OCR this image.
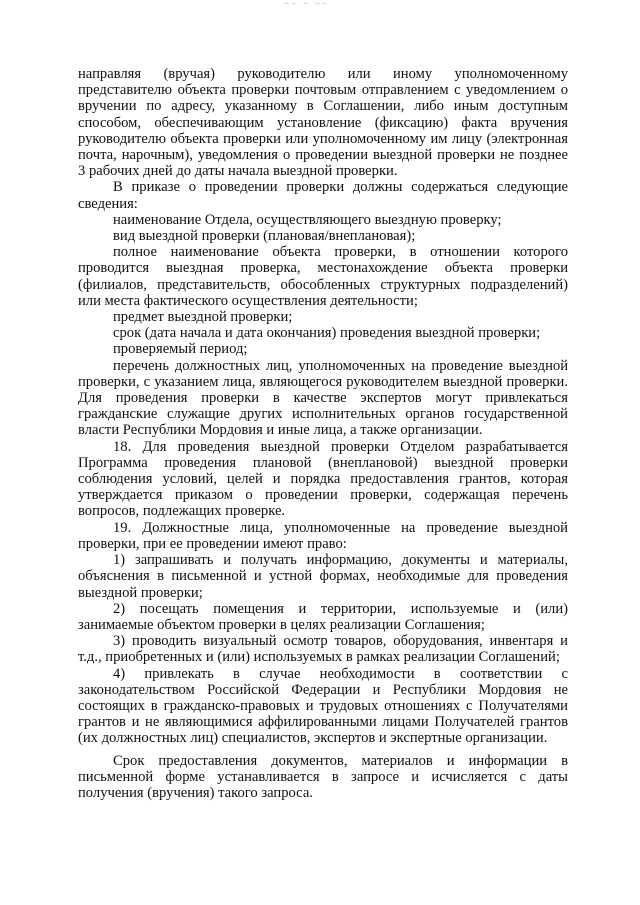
–– – ––

направляя (вручая) руководителю или иному уполномоченному представителю объекта проверки почтовым отправлением с уведомлением о вручении по адресу, указанному в Соглашении, либо иным доступным способом, обеспечивающим установление (фиксацию) факта вручения руководителю объекта проверки или уполномоченному им лицу (электронная почта, нарочным), уведомления о проведении выездной проверки не позднее 3 рабочих дней до даты начала выездной проверки.

В приказе о проведении проверки должны содержаться следующие сведения:

наименование Отдела, осуществляющего выездную проверку;

вид выездной проверки (плановая/внеплановая);

полное наименование объекта проверки, в отношении которого проводится выездная проверка, местонахождение объекта проверки (филиалов, представительств, обособленных структурных подразделений) или места фактического осуществления деятельности;

предмет выездной проверки;

срок (дата начала и дата окончания) проведения выездной проверки;

проверяемый период;

перечень должностных лиц, уполномоченных на проведение выездной проверки, с указанием лица, являющегося руководителем выездной проверки. Для проведения проверки в качестве экспертов могут привлекаться гражданские служащие других исполнительных органов государственной власти Республики Мордовия и иные лица, а также организации.

18. Для проведения выездной проверки Отделом разрабатывается Программа проведения плановой (внеплановой) выездной проверки соблюдения условий, целей и порядка предоставления грантов, которая утверждается приказом о проведении проверки, содержащая перечень вопросов, подлежащих проверке.

19. Должностные лица, уполномоченные на проведение выездной проверки, при ее проведении имеют право:

1) запрашивать и получать информацию, документы и материалы, объяснения в письменной и устной формах, необходимые для проведения выездной проверки;

2) посещать помещения и территории, используемые и (или) занимаемые объектом проверки в целях реализации Соглашения;

3) проводить визуальный осмотр товаров, оборудования, инвентаря и т.д., приобретенных и (или) используемых в рамках реализации Соглашений;

4) привлекать в случае необходимости в соответствии с законодательством Российской Федерации и Республики Мордовия не состоящих в гражданско-правовых и трудовых отношениях с Получателями грантов и не являющимися аффилированными лицами Получателей грантов (их должностных лиц) специалистов, экспертов и экспертные организации.

Срок предоставления документов, материалов и информации в письменной форме устанавливается в запросе и исчисляется с даты получения (вручения) такого запроса.
